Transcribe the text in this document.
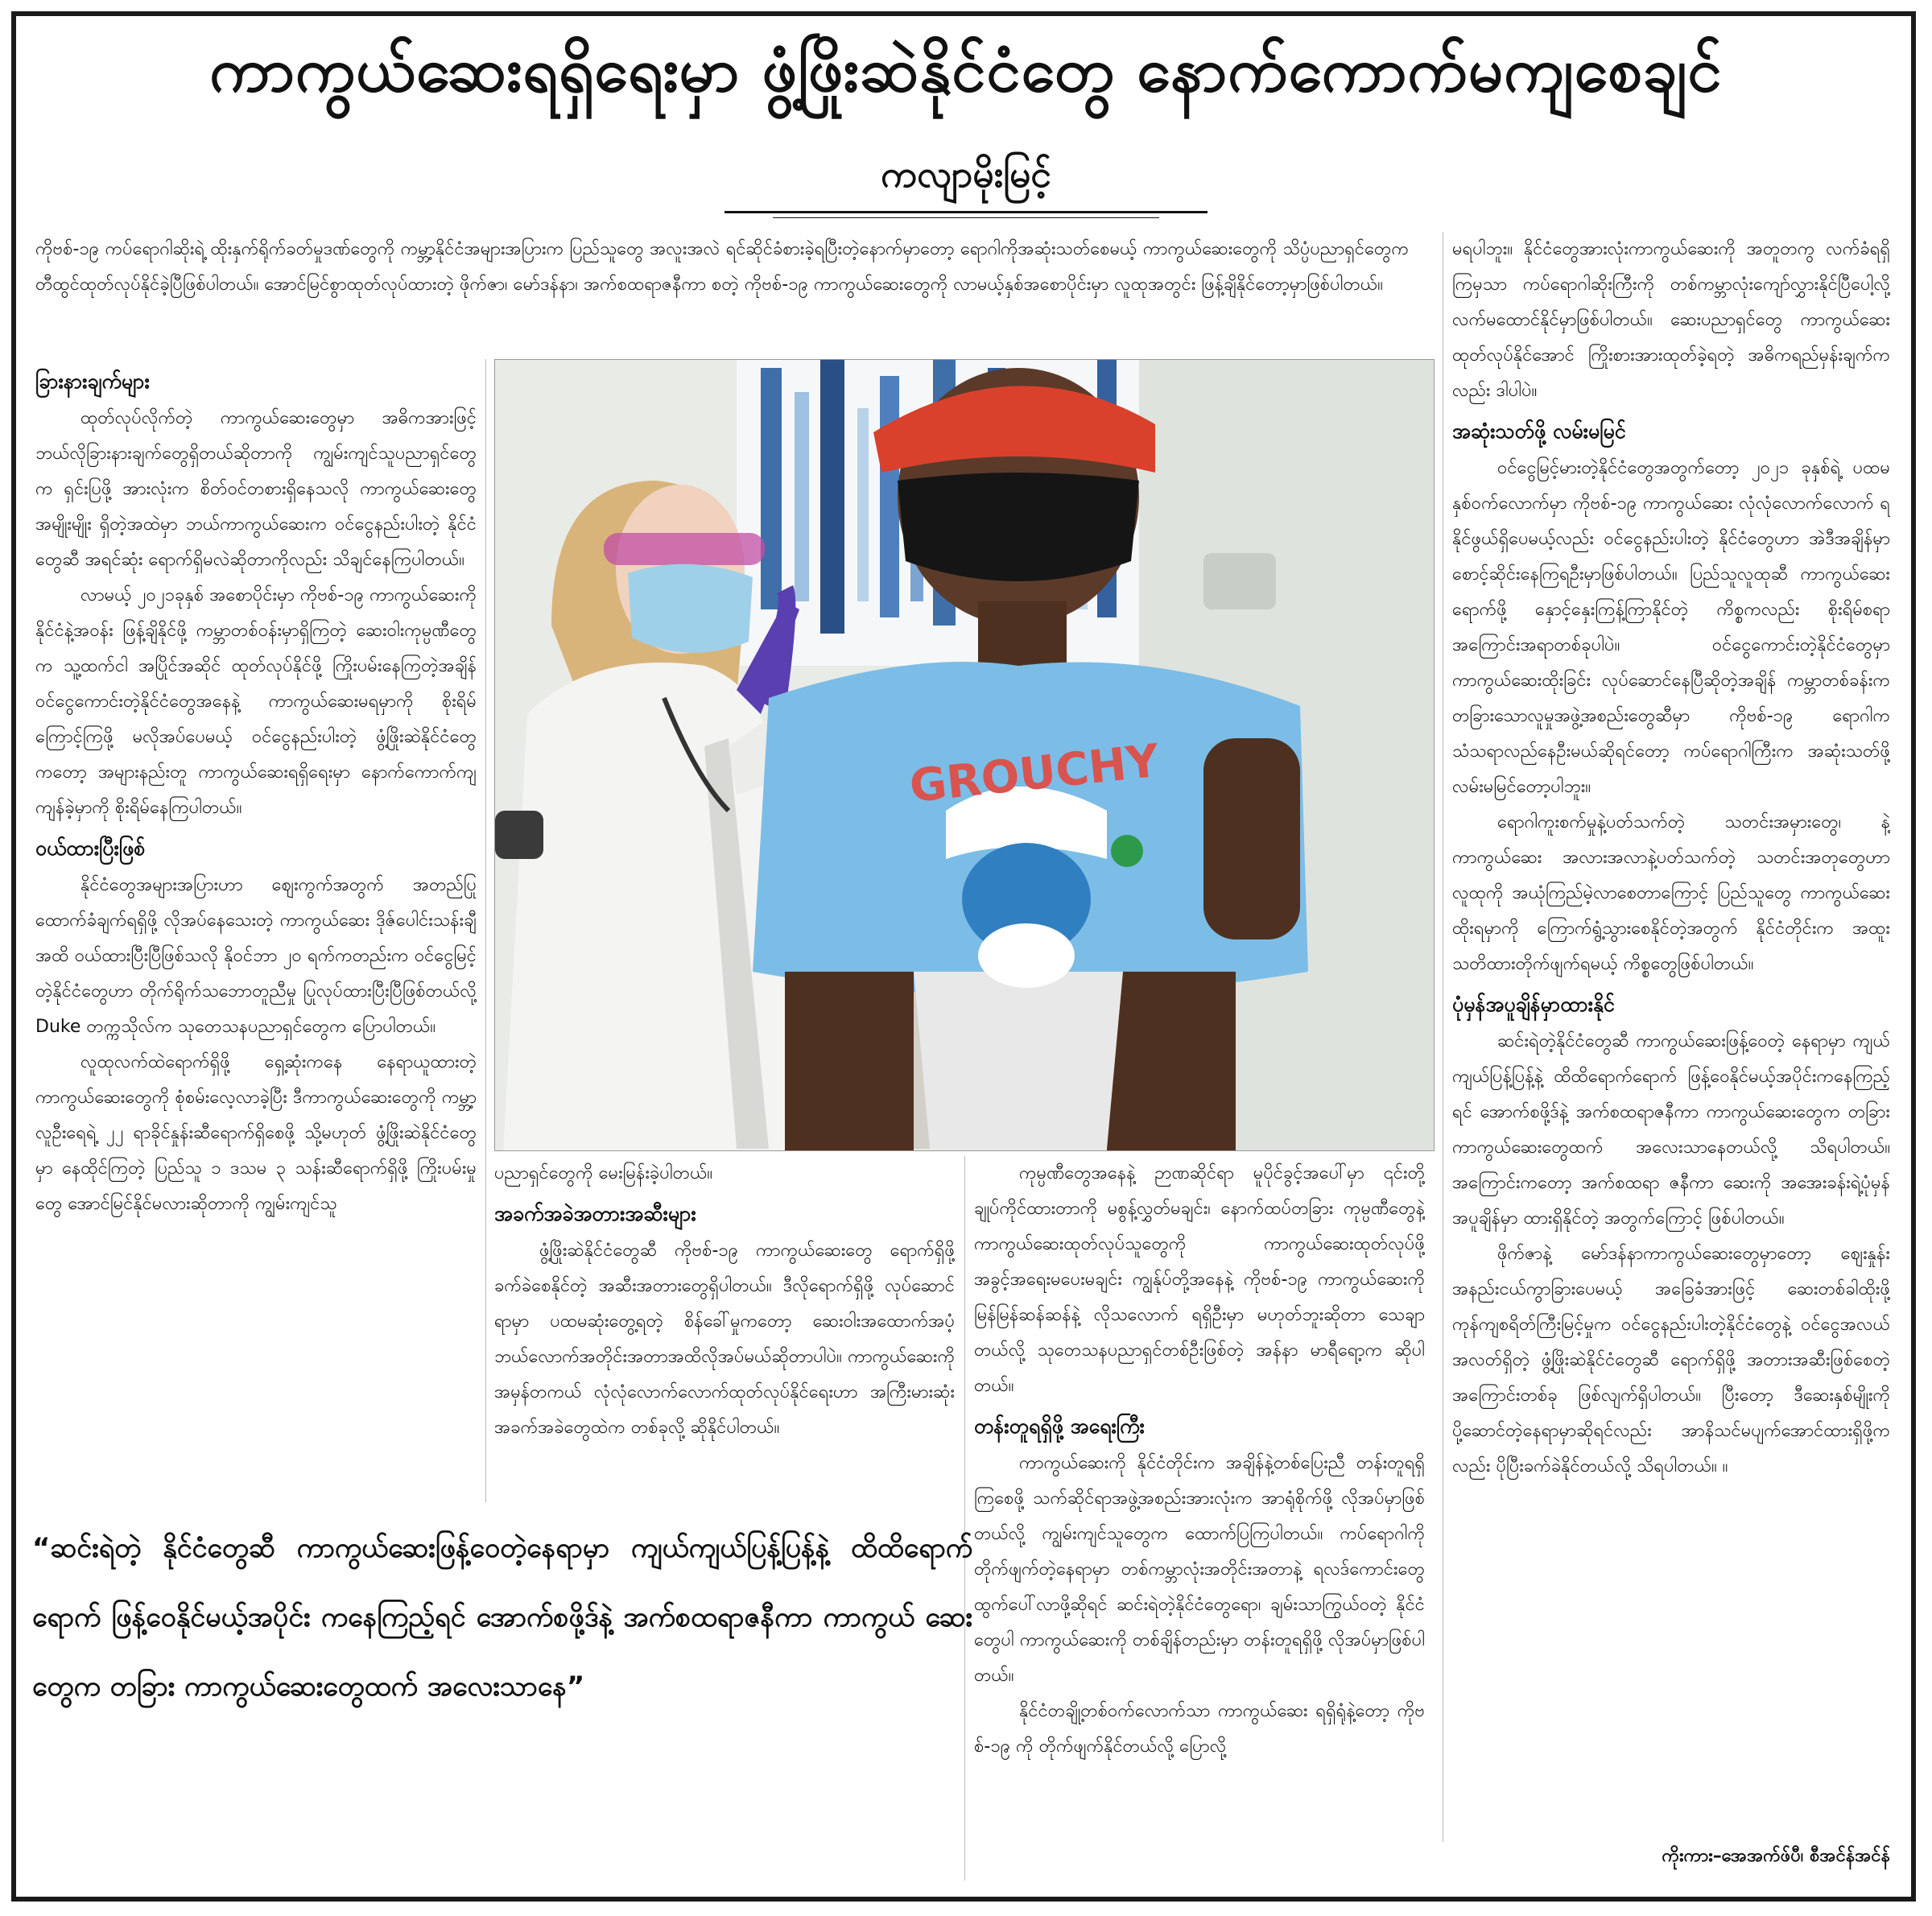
ကာကွယ်ဆေးရရှိရေးမှာ ဖွံ့ဖြိုးဆဲနိုင်ငံတွေ နောက်ကောက်မကျစေချင်
ကလျာမိုးမြင့်

ကိုဗစ်-၁၉ ကပ်ရောဂါဆိုးရဲ့ ထိုးနှက်ရိုက်ခတ်မှုဒဏ်တွေကို ကမ္ဘာ့နိုင်ငံအများအပြားက ပြည်သူတွေ အလူးအလဲ ရင်ဆိုင်ခံစားခဲ့ရပြီးတဲ့နောက်မှာတော့ ရောဂါကိုအဆုံးသတ်စေမယ့် ကာကွယ်ဆေးတွေကို သိပ္ပံပညာရှင်တွေက တီထွင်ထုတ်လုပ်နိုင်ခဲ့ပြီဖြစ်ပါတယ်။ အောင်မြင်စွာထုတ်လုပ်ထားတဲ့ ဖိုက်ဇာ၊ မော်ဒန်နာ၊ အက်စထရာဇနီကာ စတဲ့ ကိုဗစ်-၁၉ ကာကွယ်ဆေးတွေကို လာမယ့်နှစ်အစောပိုင်းမှာ လူထုအတွင်း ဖြန့်ချိနိုင်တော့မှာဖြစ်ပါတယ်။

ခြားနားချက်များ

ထုတ်လုပ်လိုက်တဲ့ ကာကွယ်ဆေးတွေမှာ အဓိကအားဖြင့် ဘယ်လိုခြားနားချက်တွေရှိတယ်ဆိုတာကို ကျွမ်းကျင်သူပညာရှင်တွေက ရှင်းပြဖို့ အားလုံးက စိတ်ဝင်တစားရှိနေသလို ကာကွယ်ဆေးတွေအမျိုးမျိုး ရှိတဲ့အထဲမှာ ဘယ်ကာကွယ်ဆေးက ဝင်ငွေနည်းပါးတဲ့ နိုင်ငံတွေဆီ အရင်ဆုံး ရောက်ရှိမလဲဆိုတာကိုလည်း သိချင်နေကြပါတယ်။

လာမယ့် ၂၀၂၁ခုနှစ် အစောပိုင်းမှာ ကိုဗစ်-၁၉ ကာကွယ်ဆေးကို နိုင်ငံနဲ့အဝန်း ဖြန့်ချိနိုင်ဖို့ ကမ္ဘာတစ်ဝန်းမှာရှိကြတဲ့ ဆေးဝါးကုမ္ပဏီတွေက သူ့ထက်ငါ အပြိုင်အဆိုင် ထုတ်လုပ်နိုင်ဖို့ ကြိုးပမ်းနေကြတဲ့အချိန် ဝင်ငွေကောင်းတဲ့နိုင်ငံတွေအနေနဲ့ ကာကွယ်ဆေးမရမှာကို စိုးရိမ်ကြောင့်ကြဖို့ မလိုအပ်ပေမယ့် ဝင်ငွေနည်းပါးတဲ့ ဖွံ့ဖြိုးဆဲနိုင်ငံတွေကတော့ အများနည်းတူ ကာကွယ်ဆေးရရှိရေးမှာ နောက်ကောက်ကျ ကျန်ခဲ့မှာကို စိုးရိမ်နေကြပါတယ်။

ဝယ်ထားပြီးဖြစ်

နိုင်ငံတွေအများအပြားဟာ ဈေးကွက်အတွက် အတည်ပြုထောက်ခံချက်ရရှိဖို့ လိုအပ်နေသေးတဲ့ ကာကွယ်ဆေး ဒိုဇ်ပေါင်းသန်းချီအထိ ဝယ်ထားပြီးပြီဖြစ်သလို နိုဝင်ဘာ ၂၀ ရက်ကတည်းက ဝင်ငွေမြင့်တဲ့နိုင်ငံတွေဟာ တိုက်ရိုက်သဘောတူညီမှု ပြုလုပ်ထားပြီးပြီဖြစ်တယ်လို့ Duke တက္ကသိုလ်က သုတေသနပညာရှင်တွေက ပြောပါတယ်။

လူထုလက်ထဲရောက်ရှိဖို့ ရှေ့ဆုံးကနေ နေရာယူထားတဲ့ ကာကွယ်ဆေးတွေကို စုံစမ်းလေ့လာခဲ့ပြီး ဒီကာကွယ်ဆေးတွေကို ကမ္ဘာ့လူဦးရေရဲ့ ၂၂ ရာခိုင်နှုန်းဆီရောက်ရှိစေဖို့ သို့မဟုတ် ဖွံ့ဖြိုးဆဲနိုင်ငံတွေမှာ နေထိုင်ကြတဲ့ ပြည်သူ ၁ ဒသမ ၃ သန်းဆီရောက်ရှိဖို့ ကြိုးပမ်းမှုတွေ အောင်မြင်နိုင်မလားဆိုတာကို ကျွမ်းကျင်သူ

GROUCHY

ပညာရှင်တွေကို မေးမြန်းခဲ့ပါတယ်။

အခက်အခဲအတားအဆီးများ

ဖွံ့ဖြိုးဆဲနိုင်ငံတွေဆီ ကိုဗစ်-၁၉ ကာကွယ်ဆေးတွေ ရောက်ရှိဖို့ ခက်ခဲစေနိုင်တဲ့ အဆီးအတားတွေရှိပါတယ်။ ဒီလိုရောက်ရှိဖို့ လုပ်ဆောင်ရာမှာ ပထမဆုံးတွေ့ရတဲ့ စိန်ခေါ်မှုကတော့ ဆေးဝါးအထောက်အပံ့ ဘယ်လောက်အတိုင်းအတာအထိလိုအပ်မယ်ဆိုတာပါပဲ။ ကာကွယ်ဆေးကို အမှန်တကယ် လုံလုံလောက်လောက်ထုတ်လုပ်နိုင်ရေးဟာ အကြီးမားဆုံးအခက်အခဲတွေထဲက တစ်ခုလို့ ဆိုနိုင်ပါတယ်။

ကုမ္ပဏီတွေအနေနဲ့ ဉာဏဆိုင်ရာ မူပိုင်ခွင့်အပေါ်မှာ ၎င်းတို့ချုပ်ကိုင်ထားတာကို မစွန့်လွှတ်မချင်း၊ နောက်ထပ်တခြား ကုမ္ပဏီတွေနဲ့ ကာကွယ်ဆေးထုတ်လုပ်သူတွေကို ကာကွယ်ဆေးထုတ်လုပ်ဖို့ အခွင့်အရေးမပေးမချင်း ကျွန်ုပ်တို့အနေနဲ့ ကိုဗစ်-၁၉ ကာကွယ်ဆေးကို မြန်မြန်ဆန်ဆန်နဲ့ လိုသလောက် ရရှိဦးမှာ မဟုတ်ဘူးဆိုတာ သေချာတယ်လို့ သုတေသနပညာရှင်တစ်ဦးဖြစ်တဲ့ အန်နာ မာရီရော့က ဆိုပါတယ်။

တန်းတူရရှိဖို့ အရေးကြီး

ကာကွယ်ဆေးကို နိုင်ငံတိုင်းက အချိန်နဲ့တစ်ပြေးညီ တန်းတူရရှိကြစေဖို့ သက်ဆိုင်ရာအဖွဲ့အစည်းအားလုံးက အာရုံစိုက်ဖို့ လိုအပ်မှာဖြစ်တယ်လို့ ကျွမ်းကျင်သူတွေက ထောက်ပြကြပါတယ်။ ကပ်ရောဂါကို တိုက်ဖျက်တဲ့နေရာမှာ တစ်ကမ္ဘာလုံးအတိုင်းအတာနဲ့ ရလဒ်ကောင်းတွေ ထွက်ပေါ်လာဖို့ဆိုရင် ဆင်းရဲတဲ့နိုင်ငံတွေရော၊ ချမ်းသာကြွယ်ဝတဲ့ နိုင်ငံတွေပါ ကာကွယ်ဆေးကို တစ်ချိန်တည်းမှာ တန်းတူရရှိဖို့ လိုအပ်မှာဖြစ်ပါတယ်။

နိုင်ငံတချို့တစ်ဝက်လောက်သာ ကာကွယ်ဆေး ရရှိရုံနဲ့တော့ ကိုဗစ်-၁၉ ကို တိုက်ဖျက်နိုင်တယ်လို့ ပြောလို့

မရပါဘူး။ နိုင်ငံတွေအားလုံးကာကွယ်ဆေးကို အတူတကွ လက်ခံရရှိကြမှသာ ကပ်ရောဂါဆိုးကြီးကို တစ်ကမ္ဘာလုံးကျော်လွှားနိုင်ပြီပေါ့လို့ လက်မထောင်နိုင်မှာဖြစ်ပါတယ်။ ဆေးပညာရှင်တွေ ကာကွယ်ဆေးထုတ်လုပ်နိုင်အောင် ကြိုးစားအားထုတ်ခဲ့ရတဲ့ အဓိကရည်မှန်းချက်ကလည်း ဒါပါပဲ။

အဆုံးသတ်ဖို့ လမ်းမမြင်

ဝင်ငွေမြင့်မားတဲ့နိုင်ငံတွေအတွက်တော့ ၂၀၂၁ ခုနှစ်ရဲ့ ပထမနှစ်ဝက်လောက်မှာ ကိုဗစ်-၁၉ ကာကွယ်ဆေး လုံလုံလောက်လောက် ရနိုင်ဖွယ်ရှိပေမယ့်လည်း ဝင်ငွေနည်းပါးတဲ့ နိုင်ငံတွေဟာ အဲဒီအချိန်မှာ စောင့်ဆိုင်းနေကြရဦးမှာဖြစ်ပါတယ်။ ပြည်သူလူထုဆီ ကာကွယ်ဆေးရောက်ဖို့ နှောင့်နှေးကြန့်ကြာနိုင်တဲ့ ကိစ္စကလည်း စိုးရိမ်စရာအကြောင်းအရာတစ်ခုပါပဲ။ ဝင်ငွေကောင်းတဲ့နိုင်ငံတွေမှာ ကာကွယ်ဆေးထိုးခြင်း လုပ်ဆောင်နေပြီဆိုတဲ့အချိန် ကမ္ဘာတစ်ခန်းက တခြားသောလူမှုအဖွဲ့အစည်းတွေဆီမှာ ကိုဗစ်-၁၉ ရောဂါက သံသရာလည်နေဦးမယ်ဆိုရင်တော့ ကပ်ရောဂါကြီးက အဆုံးသတ်ဖို့ လမ်းမမြင်တော့ပါဘူး။

ရောဂါကူးစက်မှုနဲ့ပတ်သက်တဲ့ သတင်းအမှားတွေ၊ နဲ့ ကာကွယ်ဆေး အလားအလာနဲ့ပတ်သက်တဲ့ သတင်းအတုတွေဟာ လူထုကို အယုံကြည်မဲ့လာစေတာကြောင့် ပြည်သူတွေ ကာကွယ်ဆေးထိုးရမှာကို ကြောက်ရွံ့သွားစေနိုင်တဲ့အတွက် နိုင်ငံတိုင်းက အထူးသတိထားတိုက်ဖျက်ရမယ့် ကိစ္စတွေဖြစ်ပါတယ်။

ပုံမှန်အပူချိန်မှာထားနိုင်

ဆင်းရဲတဲ့နိုင်ငံတွေဆီ ကာကွယ်ဆေးဖြန့်ဝေတဲ့ နေရာမှာ ကျယ်ကျယ်ပြန့်ပြန့်နဲ့ ထိထိရောက်ရောက် ဖြန့်ဝေနိုင်မယ့်အပိုင်းကနေကြည့်ရင် အောက်စဖို့ဒ်နဲ့ အက်စထရာဇနီကာ ကာကွယ်ဆေးတွေက တခြား ကာကွယ်ဆေးတွေထက် အလေးသာနေတယ်လို့ သိရပါတယ်။ အကြောင်းကတော့ အက်စထရာ ဇနီကာ ဆေးကို အအေးခန်းရဲ့ပုံမှန်အပူချိန်မှာ ထားရှိနိုင်တဲ့ အတွက်ကြောင့် ဖြစ်ပါတယ်။

ဖိုက်ဇာနဲ့ မော်ဒန်နာကာကွယ်ဆေးတွေမှာတော့ ဈေးနှုန်းအနည်းငယ်ကွာခြားပေမယ့် အခြေခံအားဖြင့် ဆေးတစ်ခါထိုးဖို့ ကုန်ကျစရိတ်ကြီးမြင့်မှုက ဝင်ငွေနည်းပါးတဲ့နိုင်ငံတွေနဲ့ ဝင်ငွေအလယ် အလတ်ရှိတဲ့ ဖွံ့ဖြိုးဆဲနိုင်ငံတွေဆီ ရောက်ရှိဖို့ အတားအဆီးဖြစ်စေတဲ့ အကြောင်းတစ်ခု ဖြစ်လျက်ရှိပါတယ်။ ပြီးတော့ ဒီဆေးနှစ်မျိုးကို ပို့ဆောင်တဲ့နေရာမှာဆိုရင်လည်း အာနိသင်မပျက်အောင်ထားရှိဖို့ကလည်း ပိုပြီးခက်ခဲနိုင်တယ်လို့ သိရပါတယ်။ ။

ကိုးကား–အေအက်ဖ်ပီ၊ စီအင်န်အင်န်
“ဆင်းရဲတဲ့ နိုင်ငံတွေဆီ ကာကွယ်ဆေးဖြန့်ဝေတဲ့နေရာမှာ ကျယ်ကျယ်ပြန့်ပြန့်နဲ့ ထိထိရောက်ရောက် ဖြန့်ဝေနိုင်မယ့်အပိုင်း ကနေကြည့်ရင် အောက်စဖို့ဒ်နဲ့ အက်စထရာဇနီကာ ကာကွယ် ဆေးတွေက တခြား ကာကွယ်ဆေးတွေထက် အလေးသာနေ”
